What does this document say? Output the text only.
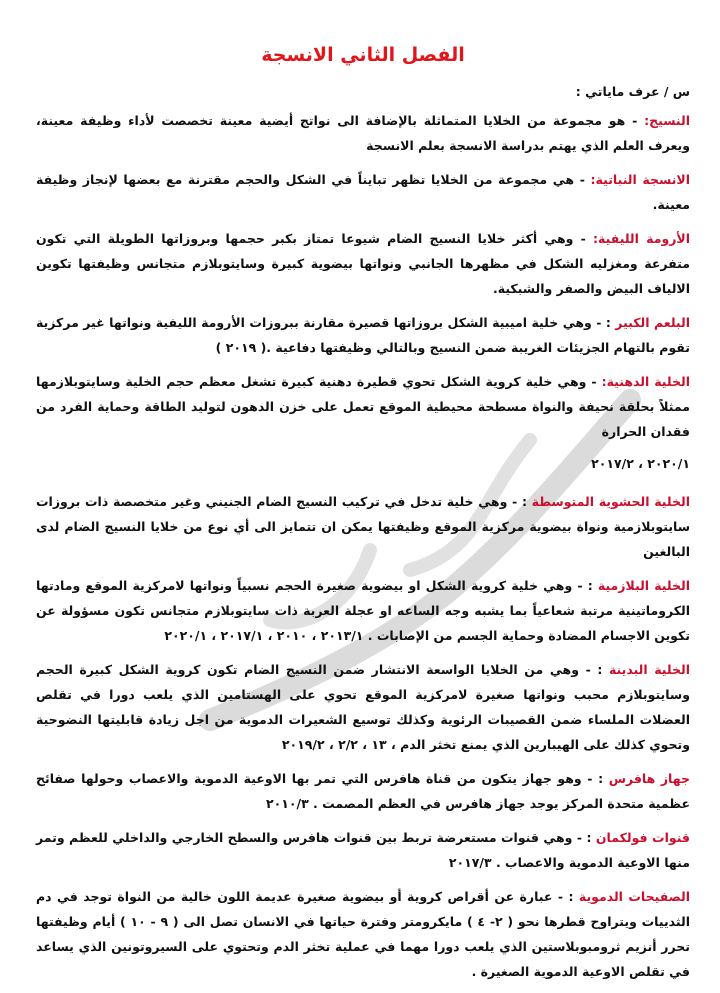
الفصل الثاني الانسجة
س / عرف مایاتي :

النسيج: - هو مجموعة من الخلايا المتماثلة بالإضافة الى نواتج أيضية معينة تخصصت لأداء وظيفة معينة، ويعرف العلم الذي يهتم بدراسة الانسجة بعلم الانسجة

الانسجة النباتية: - هي مجموعة من الخلايا تظهر تبايناً في الشكل والحجم مقترنة مع بعضها لإنجاز وظيفة معينة.

الأرومة الليفية: - وهي أكثر خلايا النسيج الضام شيوعا تمتاز بكبر حجمها وبروزاتها الطويلة التي تكون متفرعة ومغزليه الشكل في مظهرها الجانبي ونواتها بيضوية كبيرة وسايتوبلازم متجانس وظيفتها تكوين الالياف البيض والصفر والشبكية.

البلعم الكبير : - وهي خلية اميبية الشكل بروزاتها قصيرة مقارنة ببروزات الأرومة الليفية ونواتها غير مركزية تقوم بالتهام الجزيئات الغريبة ضمن النسيج وبالتالي وظيفتها دفاعية .( ٢٠١٩ )

الخلية الدهنية: - وهي خلية كروية الشكل تحوي قطيرة دهنية كبيرة تشغل معظم حجم الخلية وسايتوبلازمها ممثلاً بحلقة نحيفة والنواة مسطحة محيطية الموقع تعمل على خزن الدهون لتوليد الطاقة وحماية الفرد من فقدان الحرارة

٢٠٢٠/١ ، ٢٠١٧/٢

الخلية الحشوية المتوسطة : - وهي خلية تدخل في تركيب النسيج الضام الجنيني وغير متخصصة ذات بروزات سايتوبلازمية ونواة بيضوية مركزية الموقع وظيفتها يمكن ان تتمايز الى أي نوع من خلايا النسيج الضام لدى البالغين

الخلية البلازمية : - وهي خلية كروية الشكل او بيضوية صغيرة الحجم نسبياً ونواتها لامركزية الموقع ومادتها الكروماتينية مرتبة شعاعياً بما يشبه وجه الساعه او عجلة العربة ذات سايتوبلازم متجانس تكون مسؤولة عن تكوين الاجسام المضادة وحماية الجسم من الإصابات . ٢٠١٣/١ ، ٢٠١٠ ، ٢٠١٧/١ ، ٢٠٢٠/١

الخلية البدينة : - وهي من الخلايا الواسعة الانتشار ضمن النسيج الضام تكون كروية الشكل كبيرة الحجم وسايتوبلازم محبب ونواتها صغيرة لامركزية الموقع تحوي على الهستامين الذي يلعب دورا في تقلص العضلات الملساء ضمن القصيبات الرئوية وكذلك توسيع الشعيرات الدموية من اجل زيادة قابليتها النضوحية وتحوي كذلك على الهيبارين الذي يمنع تخثر الدم ، ١٣ ، ٢/٢ ، ٢٠١٩/٢

جهاز هافرس : - وهو جهاز يتكون من قناة هافرس التي تمر بها الاوعية الدموية والاعصاب وحولها صفائح عظمية متحدة المركز يوجد جهاز هافرس في العظم المصمت . ٢٠١٠/٣

قنوات فولكمان : - وهي قنوات مستعرضة تربط بين قنوات هافرس والسطح الخارجي والداخلي للعظم وتمر منها الاوعية الدموية والاعصاب . ٢٠١٧/٣

الصفيحات الدموية : - عبارة عن أقراص كروية أو بيضوية صغيرة عديمة اللون خالية من النواة توجد في دم الثدييات ويتراوح قطرها نحو ( ٢- ٤ ) مايكرومتر وفترة حياتها في الانسان تصل الى ( ٩ - ١٠ ) أيام وظيفتها تحرر أنزيم ثرومبوبلاستين الذي يلعب دورا مهما في عملية تخثر الدم وتحتوي على السيروتونين الذي يساعد في تقلص الاوعية الدموية الصغيرة .
